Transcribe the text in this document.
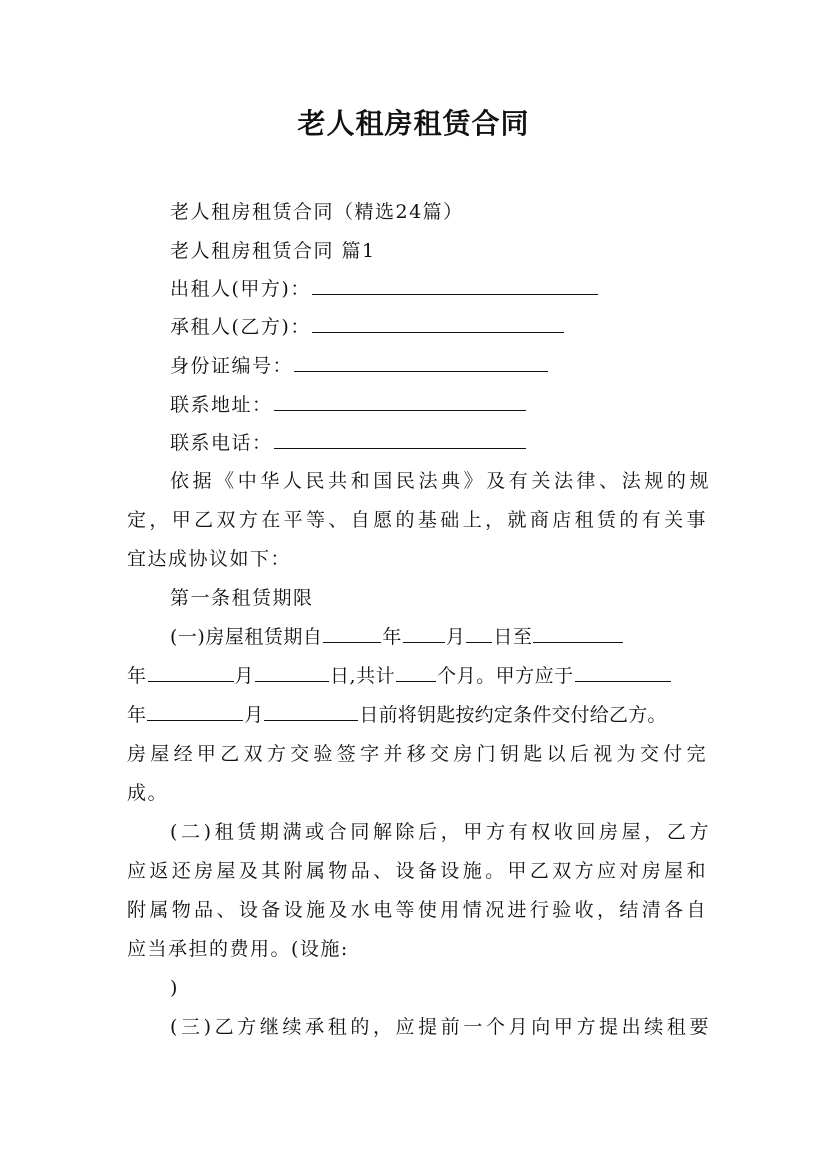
老人租房租赁合同
老人租房租赁合同（精选24篇）
老人租房租赁合同 篇1
出租人(甲方)：
承租人(乙方)：
身份证编号：
联系地址：
联系电话：
依据《中华人民共和国民法典》及有关法律、法规的规
定，甲乙双方在平等、自愿的基础上，就商店租赁的有关事
宜达成协议如下：
第一条租赁期限
(一)房屋租赁期自	年 月 日至
年	月	日,共计 个月。甲方应于
年	月	日前将钥匙按约定条件交付给乙方。
房屋经甲乙双方交验签字并移交房门钥匙以后视为交付完
成。
(二)租赁期满或合同解除后，甲方有权收回房屋，乙方
应返还房屋及其附属物品、设备设施。甲乙双方应对房屋和
附属物品、设备设施及水电等使用情况进行验收，结清各自
应当承担的费用。(设施:
)
(三)乙方继续承租的，应提前一个月向甲方提出续租要
